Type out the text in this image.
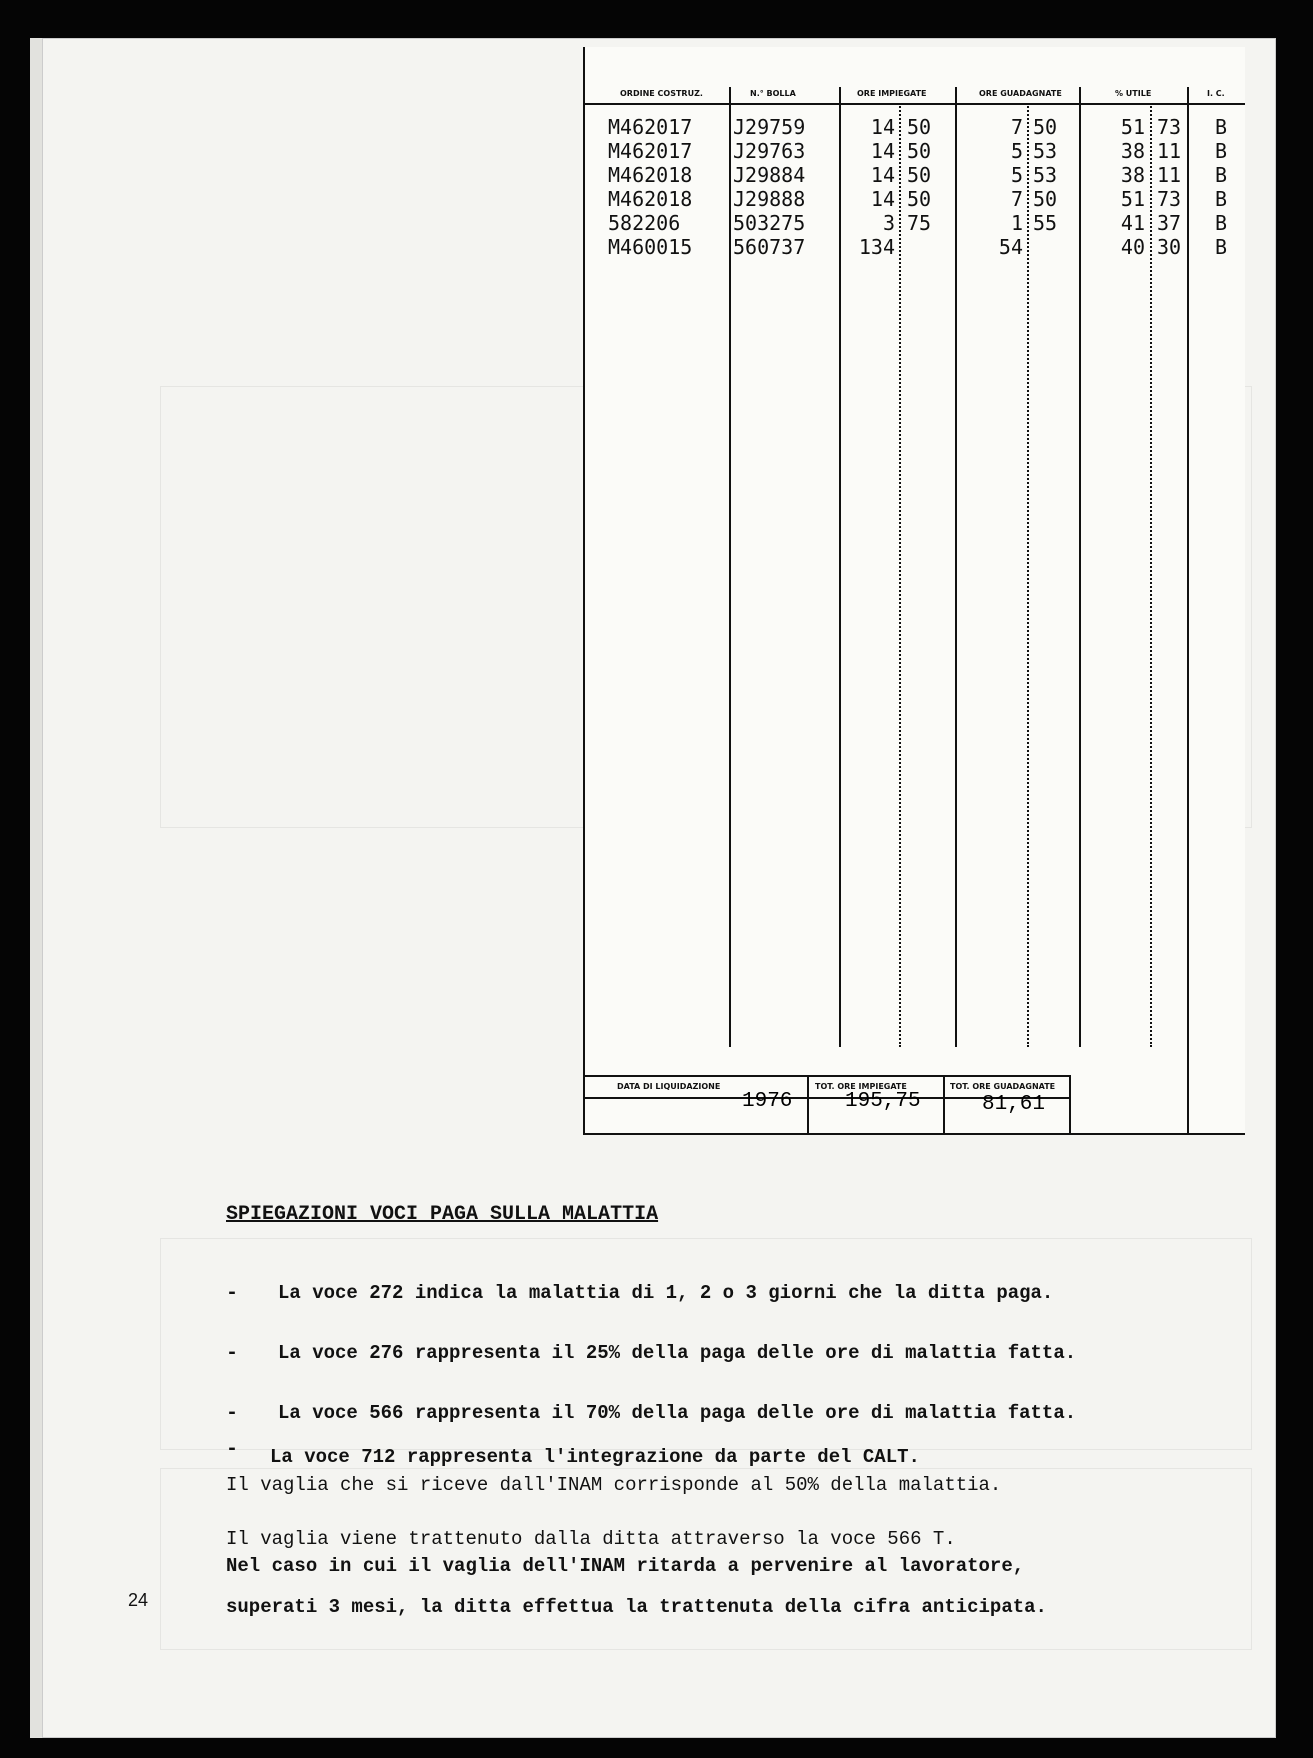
ORDINE COSTRUZ.	N.° BOLLA	ORE IMPIEGATE	ORE GUADAGNATE	% UTILE	I. C.
M462017 J29759	14 50	7 50	51 73 B
M462017 J29763	14 50	5 53	38 11 B
M462018 J29884	14 50	5 53	38 11 B
M462018 J29888	14 50	7 50	51 73 B
582206	503275	3 75	1 55	41 37 B
M460015 560737	134	54	40 30 B
DATA DI LIQUIDAZIONE	TOT. ORE IMPIEGATE	TOT. ORE GUADAGNATE
1976	195,75	81,61
SPIEGAZIONI VOCI PAGA SULLA MALATTIA
- La voce 272 indica la malattia di 1, 2 o 3 giorni che la ditta paga.
- La voce 276 rappresenta il 25% della paga delle ore di malattia fatta.
- La voce 566 rappresenta il 70% della paga delle ore di malattia fatta.
- La voce 712 rappresenta l'integrazione da parte del CALT.
Il vaglia che si riceve dall'INAM corrisponde al 50% della malattia.
Il vaglia viene trattenuto dalla ditta attraverso la voce 566 T.
Nel caso in cui il vaglia dell'INAM ritarda a pervenire al lavoratore,
superati 3 mesi, la ditta effettua la trattenuta della cifra anticipata.
24
